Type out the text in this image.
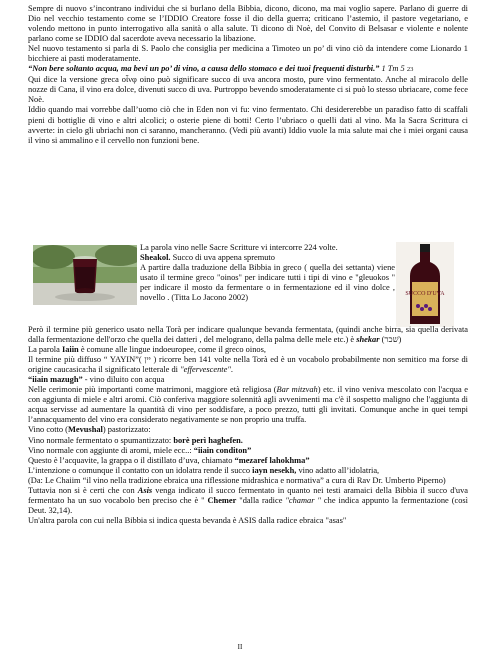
Sempre di nuovo s’incontrano individui che si burlano della Bibbia, dicono, dicono, ma mai voglio sapere. Parlano di guerre di Dio nel vecchio testamento come se l’IDDIO Creatore fosse il dio della guerra; criticano l’astemio, il pastore vegetariano, e volendo mettono in punto interrogativo alla sanità o alla salute. Ti dicono di Noè, del Convito di Belsasar e violente e nolente parlano come se IDDIO dal sacerdote aveva necessario la libazione.

Nel nuovo testamento si parla di S. Paolo che consiglia per medicina a Timoteo un po’ di vino ciò da intendere come Lionardo 1 bicchiere ai pasti moderatamente.

“Non bere soltanto acqua, ma bevi un po’ di vino, a causa dello stomaco e dei tuoi frequenti disturbi.” 1 Tm 5 23

Qui dice la versione greca οἶνφ oino può significare succo di uva ancora mosto, pure vino fermentato. Anche al miracolo delle nozze di Cana, il vino era dolce, divenuti succo di uva. Purtroppo bevendo smoderatamente ci si può lo stesso ubriacare, come fece Noè.

Iddio quando mai vorrebbe dall’uomo ciò che in Eden non vi fu: vino fermentato. Chi desidererebbe un paradiso fatto di scaffali pieni di bottiglie di vino e altri alcolici; o osterie piene di botti! Certo l’ubriaco o quelli dati al vino. Ma la Sacra Scrittura ci avverte: in cielo gli ubriachi non ci saranno, mancheranno. (Vedi più avanti) Iddio vuole la mia salute mai che i miei organi causa il vino si ammalino e il cervello non funzioni bene.

SUCCO D'UVA

La parola vino nelle Sacre Scritture vi intercorre 224 volte.

Sheakol. Succo di uva appena spremuto

A partire dalla traduzione della Bibbia in greco ( quella dei settanta) viene usato il termine greco "oinos" per indicare tutti i tipi di vino e "gleuokos " per indicare il mosto da fermentare o in fermentazione ed il vino dolce , novello . (Titta Lo Jacono 2002)

Però il termine più generico usato nella Torà per indicare qualunque bevanda fermentata, (quindi anche birra, sia quella derivata dalla fermentazione dell'orzo che quella dei datteri , del melograno, della palma delle mele etc.) è shekar (שׁכר)

La parola Iaiin è comune alle lingue indoeuropee, come il greco oinos,

Il termine più diffuso “ YAYIN”( יין ) ricorre ben 141 volte nella Torà ed è un vocabolo probabilmente non semitico ma forse di origine caucasica:ha il significato letterale di "effervescente".

“iiain mazugh” - vino diluito con acqua

Nelle cerimonie più importanti come matrimoni, maggiore età religiosa (Bar mitzvah) etc. il vino veniva mescolato con l'acqua e con aggiunta di miele e altri aromi. Ciò conferiva maggiore solennità agli avvenimenti ma c'è il sospetto maligno che l'aggiunta di acqua servisse ad aumentare la quantità di vino per soddisfare, a poco prezzo, tutti gli invitati. Comunque anche in quei tempi l’annacquamento del vino era considerato negativamente se non proprio una truffa.

Vino cotto (Mevushal) pastorizzato:

Vino normale fermentato o spumantizzato: borè perì haghefen.

Vino normale con aggiunte di aromi, miele ecc..: “iiain conditon”

Questo è l’acquavite, la grappa o il distillato d’uva, chiamato “mezaref lahokhma”

L’intenzione o comunque il contatto con un idolatra rende il succo iayn nesekh, vino adatto all’idolatria,

(Da: Le Chaiim “il vino nella tradizione ebraica una riflessione midrashica e normativa” a cura di Rav Dr. Umberto Piperno)

Tuttavia non si è certi che con Asis venga indicato il succo fermentato in quanto nei testi aramaici della Bibbia il succo d'uva fermentato ha un suo vocabolo ben preciso che è " Chemer "dalla radice "chamar " che indica appunto la fermentazione (così Deut. 32,14).

Un'altra parola con cui nella Bibbia si indica questa bevanda è ASIS dalla radice ebraica "asas"

II
